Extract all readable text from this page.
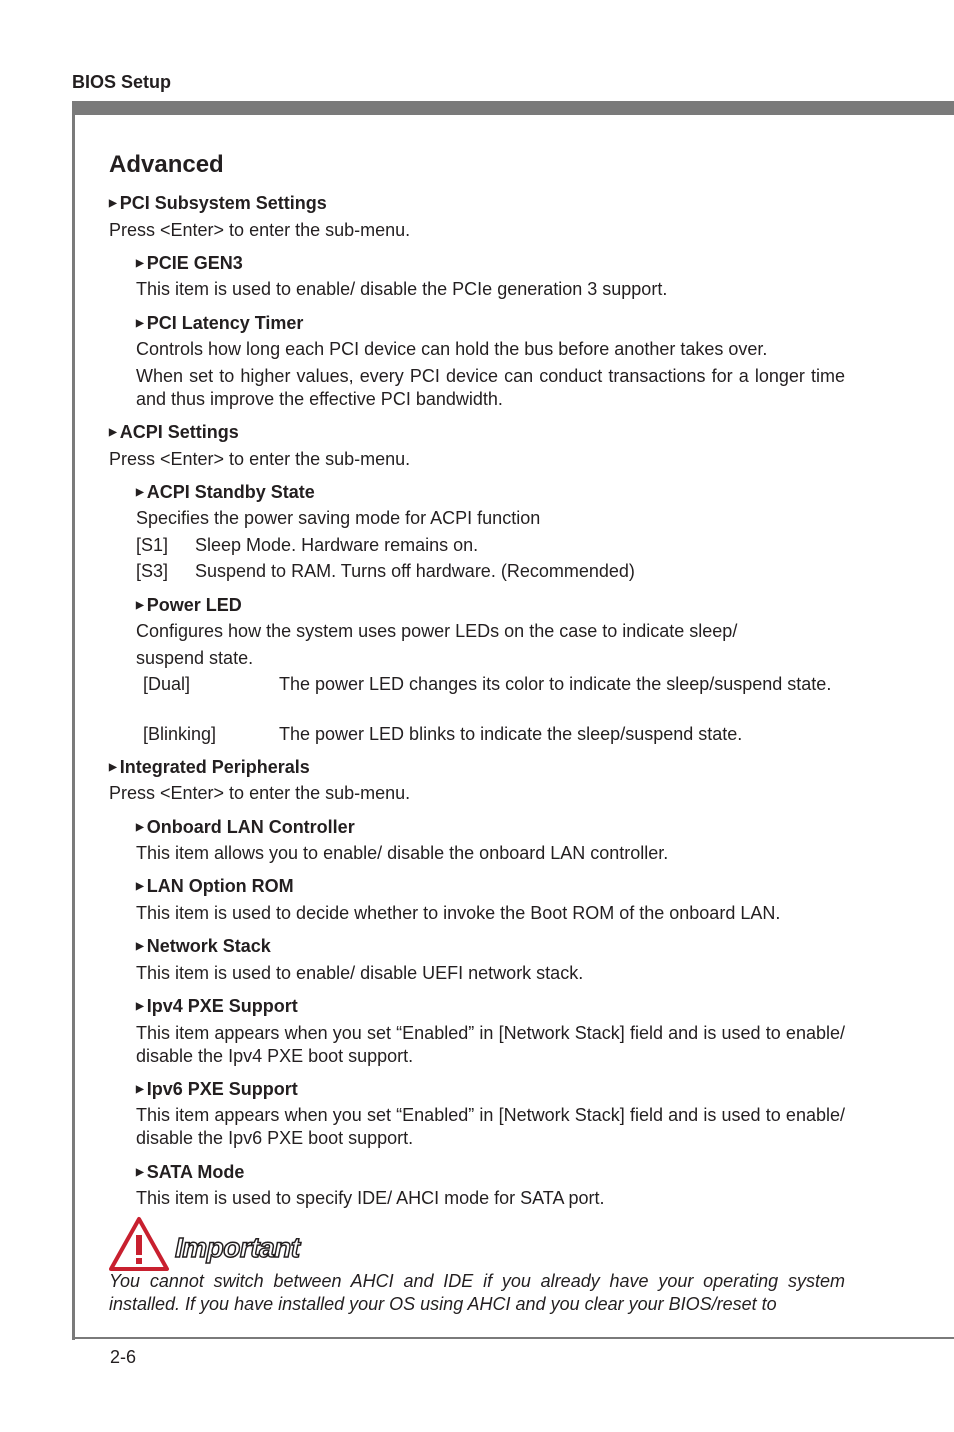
BIOS Setup
2-6
Advanced
▶ PCI Subsystem Settings
Press <Enter> to enter the sub-menu.
▶ PCIE GEN3
This item is used to enable/ disable the PCIe generation 3 support.
▶ PCI Latency Timer
Controls how long each PCI device can hold the bus before another takes over.
When set to higher values, every PCI device can conduct transactions for a longer time and thus improve the effective PCI bandwidth.
▶ ACPI Settings
Press <Enter> to enter the sub-menu.
▶ ACPI Standby State
Specifies the power saving mode for ACPI function
[S1] Sleep Mode. Hardware remains on.
[S3] Suspend to RAM. Turns off hardware. (Recommended)
▶ Power LED
Configures how the system uses power LEDs on the case to indicate sleep/
suspend state.
[Dual]	The power LED changes its color to indicate the sleep/suspend state.
[Blinking]	The power LED blinks to indicate the sleep/suspend state.
▶ Integrated Peripherals
Press <Enter> to enter the sub-menu.
▶ Onboard LAN Controller
This item allows you to enable/ disable the onboard LAN controller.
▶ LAN Option ROM
This item is used to decide whether to invoke the Boot ROM of the onboard LAN.
▶ Network Stack
This item is used to enable/ disable UEFI network stack.
▶ Ipv4 PXE Support
This item appears when you set “Enabled” in [Network Stack] field and is used to enable/ disable the Ipv4 PXE boot support.
▶ Ipv6 PXE Support
This item appears when you set “Enabled” in [Network Stack] field and is used to enable/ disable the Ipv6 PXE boot support.
▶ SATA Mode
This item is used to specify IDE/ AHCI mode for SATA port.
Important
You cannot switch between AHCI and IDE if you already have your operating system installed. If you have installed your OS using AHCI and you clear your BIOS/reset to
